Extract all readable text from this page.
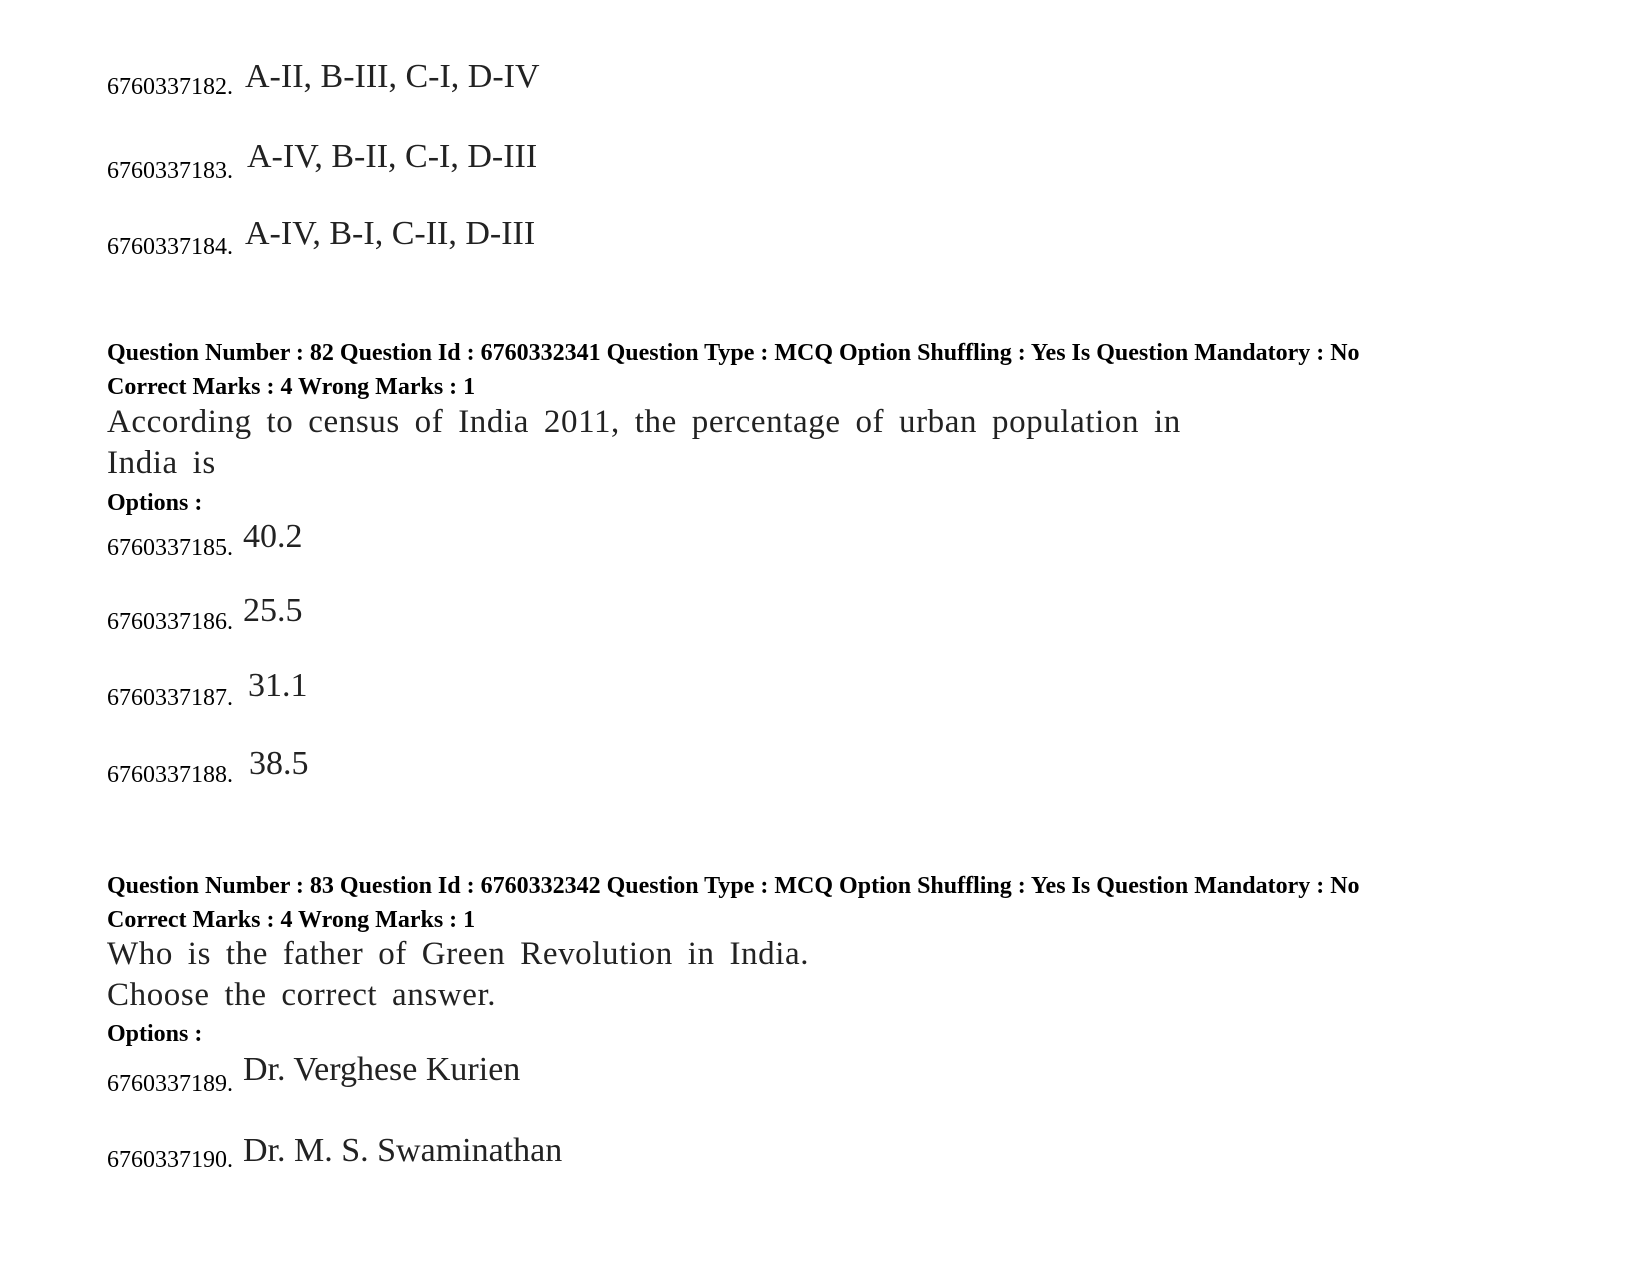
6760337182. A-II, B-III, C-I, D-IV
6760337183. A-IV, B-II, C-I, D-III
6760337184. A-IV, B-I, C-II, D-III
Question Number : 82 Question Id : 6760332341 Question Type : MCQ Option Shuffling : Yes Is Question Mandatory : No
Correct Marks : 4 Wrong Marks : 1
According to census of India 2011, the percentage of urban population in
India is
Options :
6760337185. 40.2
6760337186. 25.5
6760337187. 31.1
6760337188. 38.5
Question Number : 83 Question Id : 6760332342 Question Type : MCQ Option Shuffling : Yes Is Question Mandatory : No
Correct Marks : 4 Wrong Marks : 1
Who is the father of Green Revolution in India.
Choose the correct answer.
Options :
6760337189. Dr. Verghese Kurien
6760337190. Dr. M. S. Swaminathan
